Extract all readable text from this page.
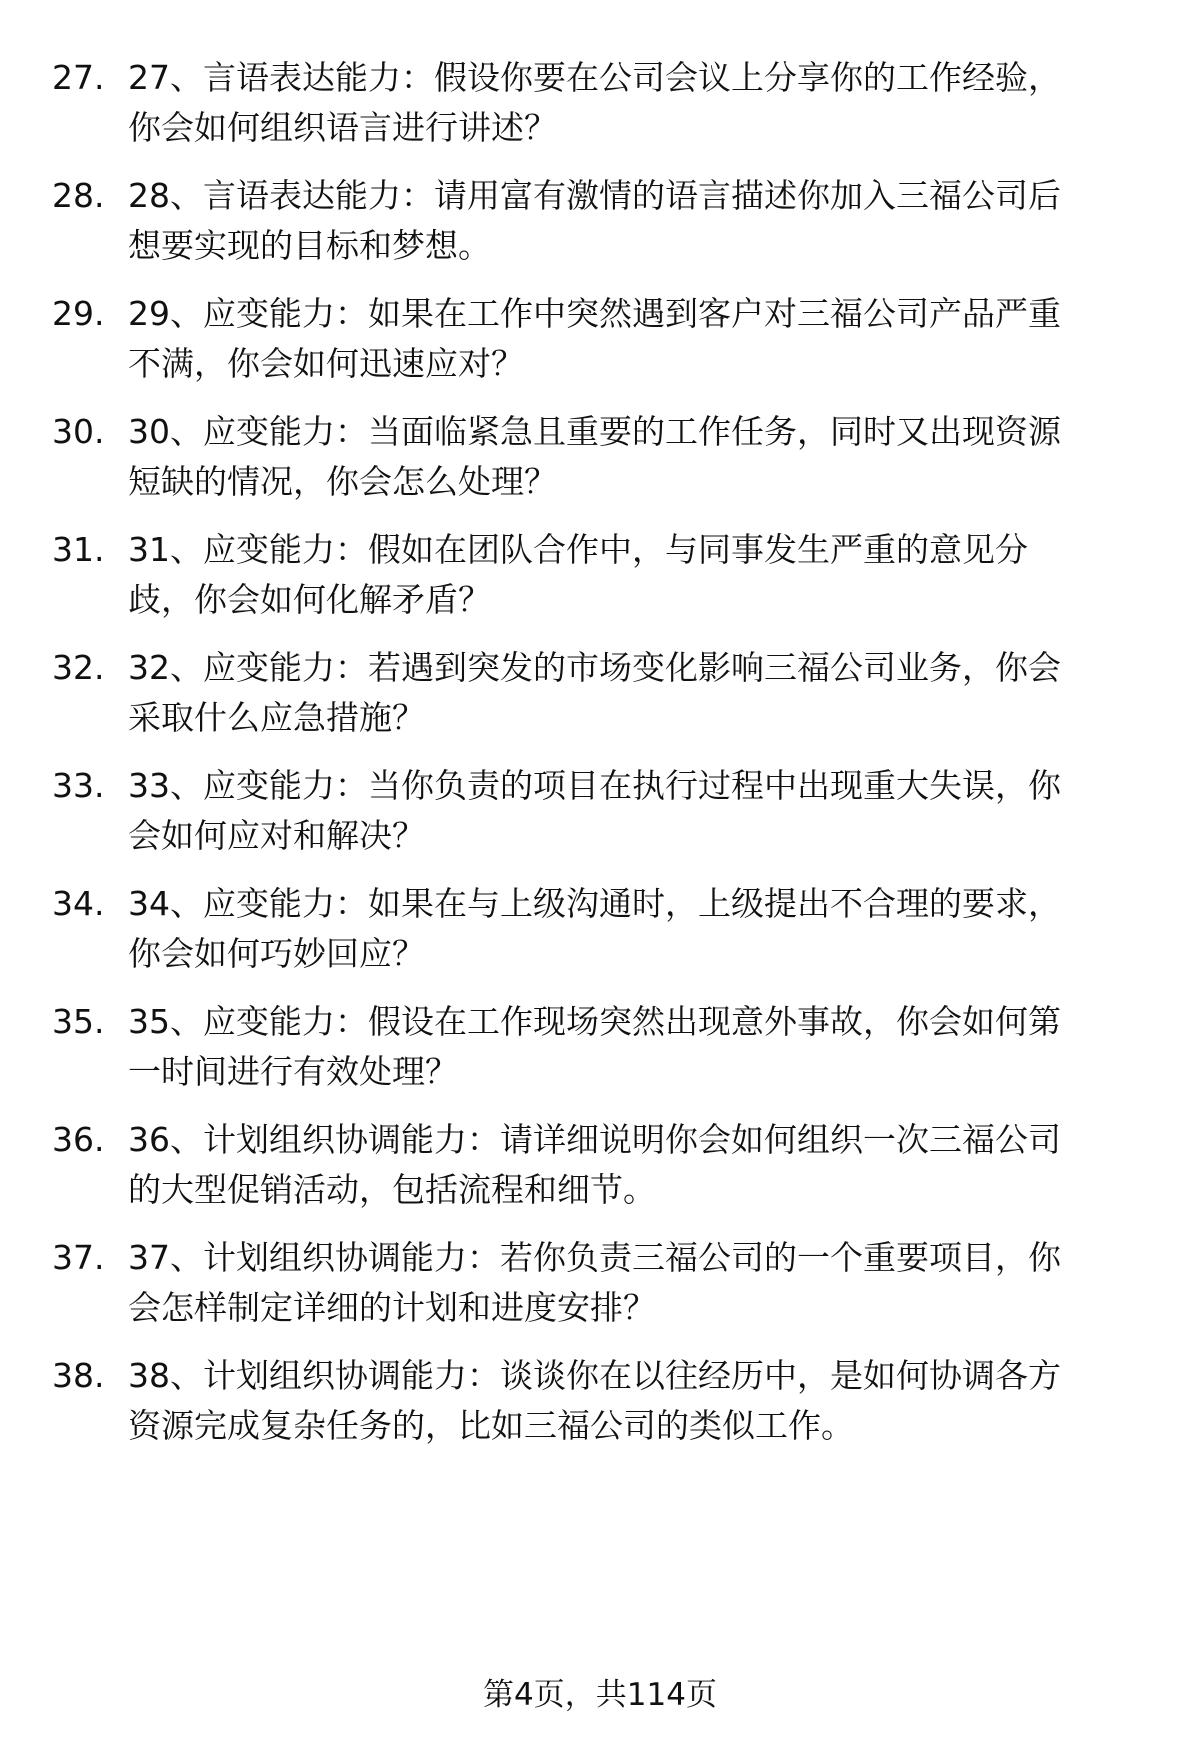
27. 27、言语表达能力：假设你要在公司会议上分享你的工作经验，
你会如何组织语言进行讲述？
28. 28、言语表达能力：请用富有激情的语言描述你加入三福公司后
想要实现的目标和梦想。
29. 29、应变能力：如果在工作中突然遇到客户对三福公司产品严重
不满，你会如何迅速应对？
30. 30、应变能力：当面临紧急且重要的工作任务，同时又出现资源
短缺的情况，你会怎么处理？
31. 31、应变能力：假如在团队合作中，与同事发生严重的意见分
歧，你会如何化解矛盾？
32. 32、应变能力：若遇到突发的市场变化影响三福公司业务，你会
采取什么应急措施？
33. 33、应变能力：当你负责的项目在执行过程中出现重大失误，你
会如何应对和解决？
34. 34、应变能力：如果在与上级沟通时，上级提出不合理的要求，
你会如何巧妙回应？
35. 35、应变能力：假设在工作现场突然出现意外事故，你会如何第
一时间进行有效处理？
36. 36、计划组织协调能力：请详细说明你会如何组织一次三福公司
的大型促销活动，包括流程和细节。
37. 37、计划组织协调能力：若你负责三福公司的一个重要项目，你
会怎样制定详细的计划和进度安排？
38. 38、计划组织协调能力：谈谈你在以往经历中，是如何协调各方
资源完成复杂任务的，比如三福公司的类似工作。
第4页，共114页
